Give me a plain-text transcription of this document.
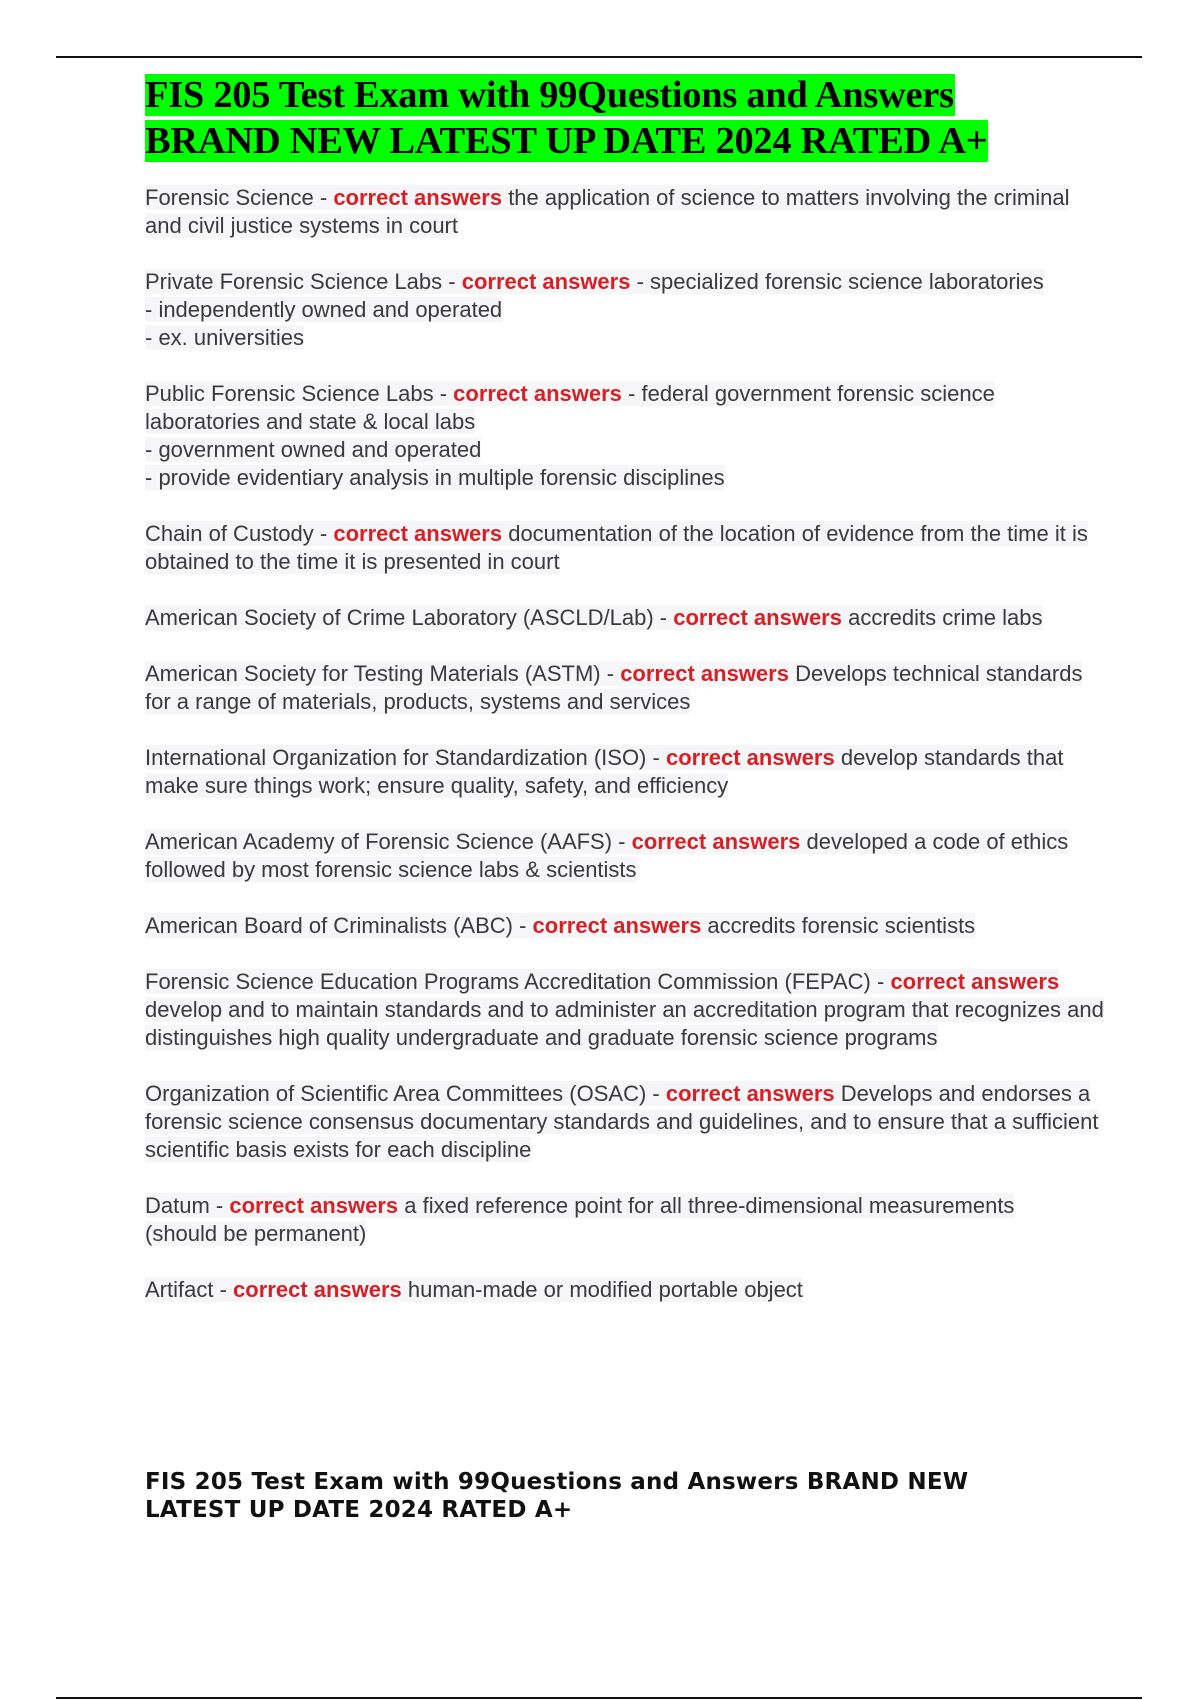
FIS 205 Test Exam with 99Questions and Answers
BRAND NEW LATEST UP DATE 2024 RATED A+

Forensic Science - correct answers the application of science to matters involving the criminal and civil justice systems in court

Private Forensic Science Labs - correct answers - specialized forensic science laboratories
- independently owned and operated
- ex. universities

Public Forensic Science Labs - correct answers - federal government forensic science laboratories and state & local labs
- government owned and operated
- provide evidentiary analysis in multiple forensic disciplines

Chain of Custody - correct answers documentation of the location of evidence from the time it is obtained to the time it is presented in court

American Society of Crime Laboratory (ASCLD/Lab) - correct answers accredits crime labs

American Society for Testing Materials (ASTM) - correct answers Develops technical standards for a range of materials, products, systems and services

International Organization for Standardization (ISO) - correct answers develop standards that make sure things work; ensure quality, safety, and efficiency

American Academy of Forensic Science (AAFS) - correct answers developed a code of ethics followed by most forensic science labs & scientists

American Board of Criminalists (ABC) - correct answers accredits forensic scientists

Forensic Science Education Programs Accreditation Commission (FEPAC) - correct answers develop and to maintain standards and to administer an accreditation program that recognizes and distinguishes high quality undergraduate and graduate forensic science programs

Organization of Scientific Area Committees (OSAC) - correct answers Develops and endorses a forensic science consensus documentary standards and guidelines, and to ensure that a sufficient scientific basis exists for each discipline

Datum - correct answers a fixed reference point for all three-dimensional measurements
(should be permanent)

Artifact - correct answers human-made or modified portable object

FIS 205 Test Exam with 99Questions and Answers BRAND NEW LATEST UP DATE 2024 RATED A+
